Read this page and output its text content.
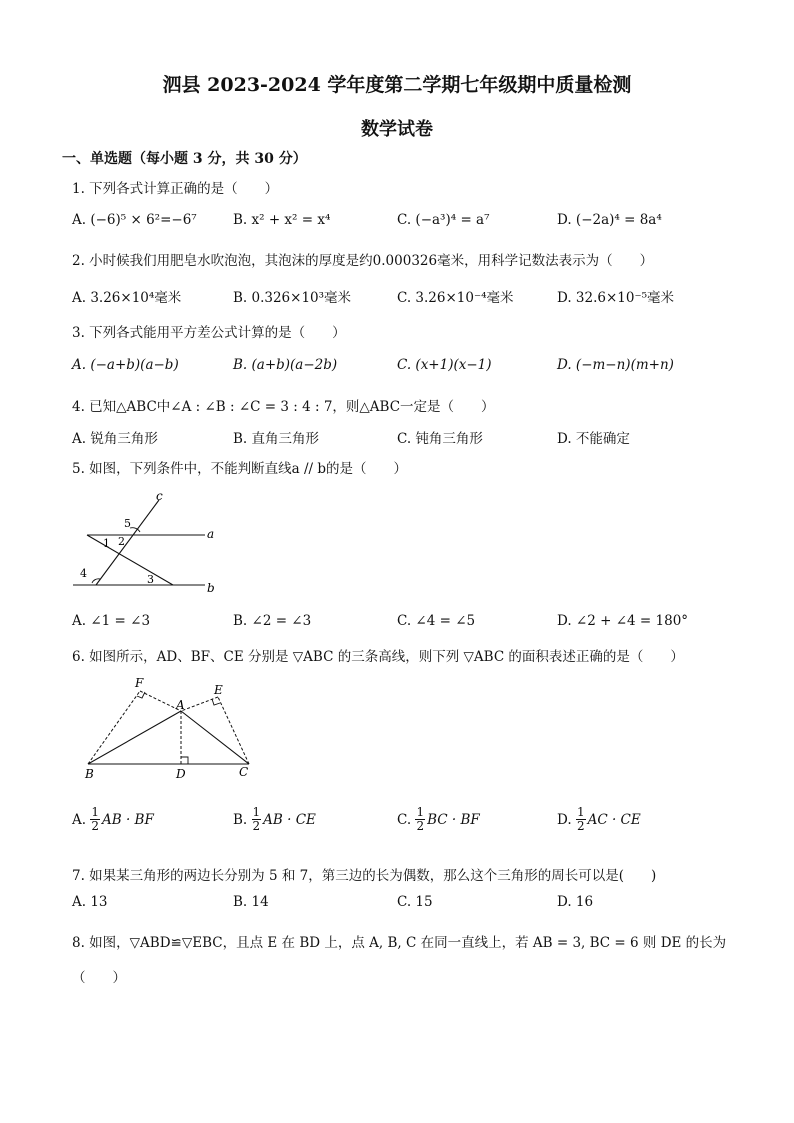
泗县 2023-2024 学年度第二学期七年级期中质量检测
数学试卷
一、单选题（每小题 3 分，共 30 分）
1. 下列各式计算正确的是（　　）
A. (−6)⁵ × 6²=−6⁷	B. x² + x² = x⁴	C. (−a³)⁴ = a⁷	D. (−2a)⁴ = 8a⁴
2. 小时候我们用肥皂水吹泡泡，其泡沫的厚度是约0.000326毫米，用科学记数法表示为（　　）
A. 3.26×10⁴毫米	B. 0.326×10³毫米	C. 3.26×10⁻⁴毫米	D. 32.6×10⁻⁵毫米
3. 下列各式能用平方差公式计算的是（　　）
A. (−a+b)(a−b)	B. (a+b)(a−2b)	C. (x+1)(x−1)	D. (−m−n)(m+n)
4. 已知△ABC中∠A : ∠B : ∠C = 3 : 4 : 7，则△ABC一定是（　　）
A. 锐角三角形	B. 直角三角形	C. 钝角三角形	D. 不能确定
5. 如图，下列条件中，不能判断直线a // b的是（　　）
c
a
b
1 2
3
4
5
A. ∠1 = ∠3	B. ∠2 = ∠3	C. ∠4 = ∠5	D. ∠2 + ∠4 = 180°
6. 如图所示，AD、BF、CE 分别是 ▽ABC 的三条高线，则下列 ▽ABC 的面积表述正确的是（　　）
F	E
A
B	D	C
A.
$\frac{1}{2}$ AB · BF	B.
$\frac{1}{2}$ AB · CE	C.
$\frac{1}{2}$ BC · BF	D.
$\frac{1}{2}$ AC · CE
7. 如果某三角形的两边长分别为 5 和 7，第三边的长为偶数，那么这个三角形的周长可以是(　　)
A. 13	B. 14	C. 15	D. 16
8. 如图，▽ABD≌▽EBC，且点 E 在 BD 上，点 A, B, C 在同一直线上，若 AB = 3, BC = 6 则 DE 的长为
（　　）
